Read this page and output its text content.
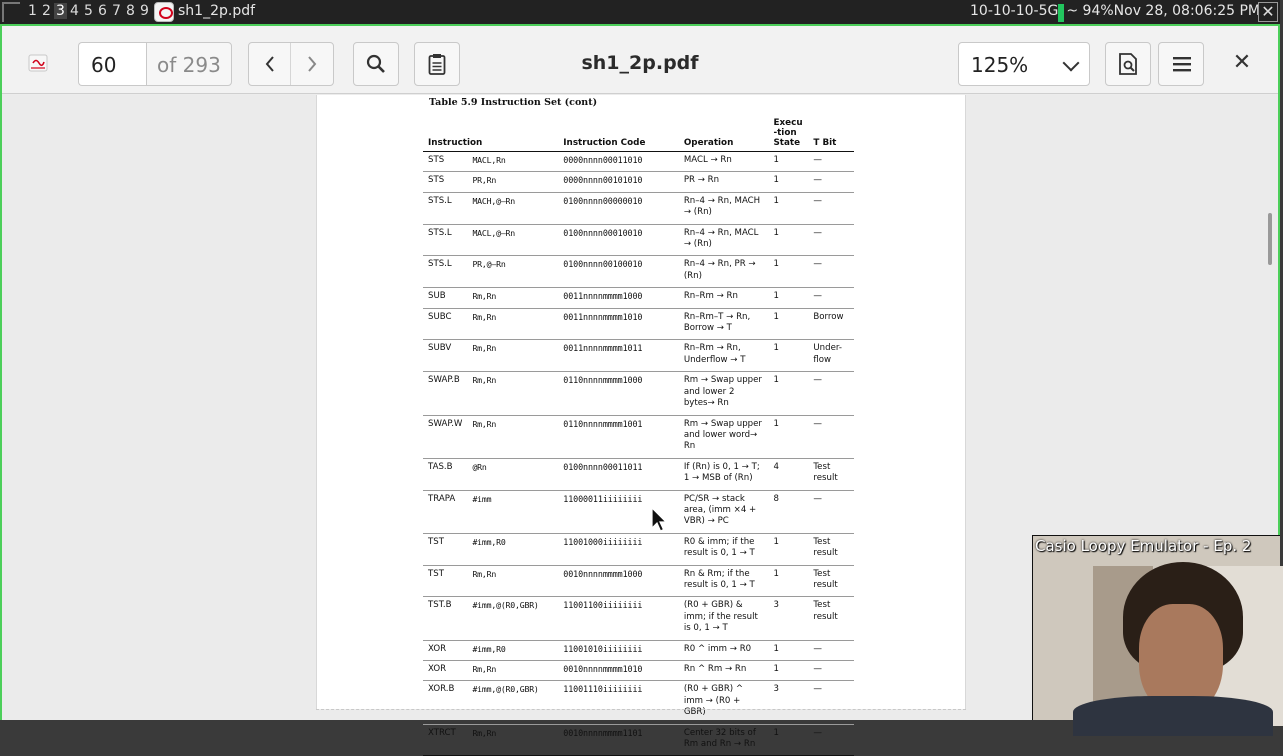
1 2 3 4 5 6 7 8 9 sh1_2p.pdf	10-10-10-5G ~ 94%Nov 28, 08:06:25 PM ✕
60	of 293	sh1_2p.pdf	125%	✕
Table 5.9 Instruction Set (cont)
Instruction		Instruction Code	Operation	Execu
-tion
State	T Bit
STS	MACL,Rn	0000nnnn00011010	MACL → Rn	1	—
STS	PR,Rn	0000nnnn00101010	PR → Rn	1	—
STS.L	MACH,@–Rn	0100nnnn00000010	Rn–4 → Rn, MACH → (Rn)	1	—
STS.L	MACL,@–Rn	0100nnnn00010010	Rn–4 → Rn, MACL → (Rn)	1	—
STS.L	PR,@–Rn	0100nnnn00100010	Rn–4 → Rn, PR → (Rn)	1	—
SUB	Rm,Rn	0011nnnnmmmm1000	Rn–Rm → Rn	1	—
SUBC	Rm,Rn	0011nnnnmmmm1010	Rn–Rm–T → Rn, Borrow → T	1	Borrow
SUBV	Rm,Rn	0011nnnnmmmm1011	Rn–Rm → Rn, Underflow → T	1	Under-flow
SWAP.B	Rm,Rn	0110nnnnmmmm1000	Rm → Swap upper and lower 2 bytes→ Rn	1	—
SWAP.W	Rm,Rn	0110nnnnmmmm1001	Rm → Swap upper and lower word→ Rn	1	—
TAS.B	@Rn	0100nnnn00011011	If (Rn) is 0, 1 → T; 1 → MSB of (Rn)	4	Test result
TRAPA	#imm	11000011iiiiiiii	PC/SR → stack area, (imm ×4 + VBR) → PC	8	—
TST	#imm,R0	11001000iiiiiiii	R0 & imm; if the result is 0, 1 → T	1	Test result
TST	Rm,Rn	0010nnnnmmmm1000	Rn & Rm; if the result is 0, 1 → T	1	Test result
TST.B	#imm,@(R0,GBR)	11001100iiiiiiii	(R0 + GBR) & imm; if the result is 0, 1 → T	3	Test result
XOR	#imm,R0	11001010iiiiiiii	R0 ^ imm → R0	1	—
XOR	Rm,Rn	0010nnnnmmmm1010	Rn ^ Rm → Rn	1	—
XOR.B	#imm,@(R0,GBR)	11001110iiiiiiii	(R0 + GBR) ^ imm → (R0 + GBR)	3	—
XTRCT	Rm,Rn	0010nnnnmmmm1101	Center 32 bits of Rm and Rn → Rn	1	—
Casio Loopy Emulator - Ep. 2
